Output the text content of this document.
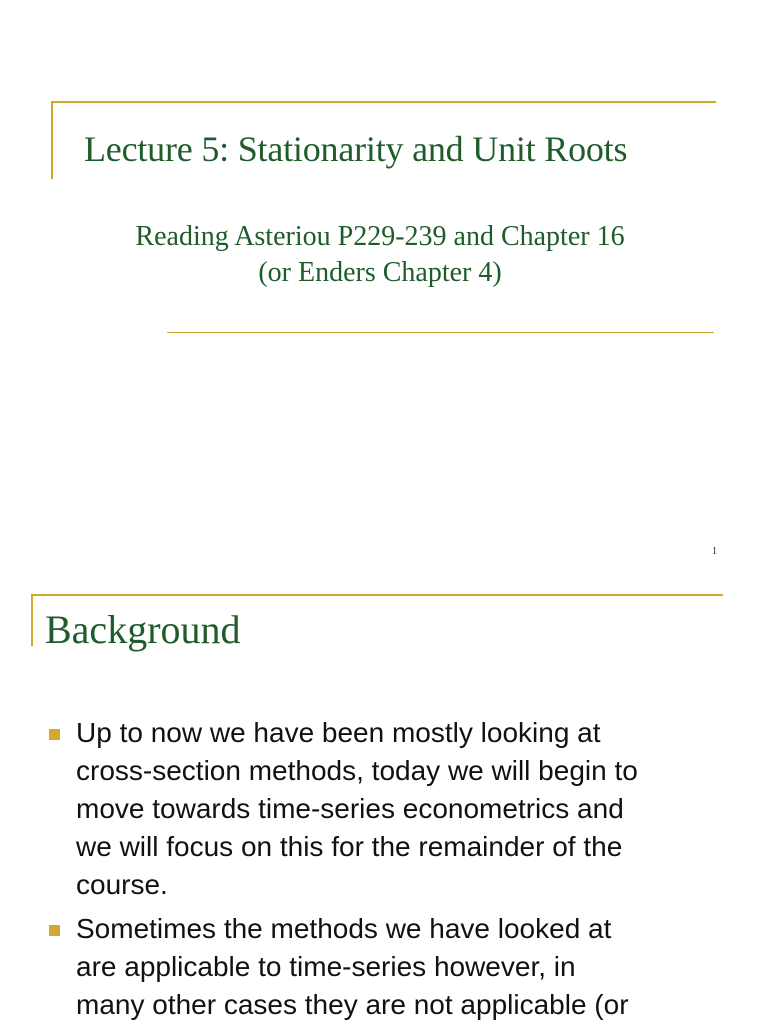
Lecture 5: Stationarity and Unit Roots

Reading Asteriou P229-239 and Chapter 16
(or Enders Chapter 4)

1
Background
Up to now we have been mostly looking at
cross-section methods, today we will begin to
move towards time-series econometrics and
we will focus on this for the remainder of the
course.
Sometimes the methods we have looked at
are applicable to time-series however, in
many other cases they are not applicable (or
